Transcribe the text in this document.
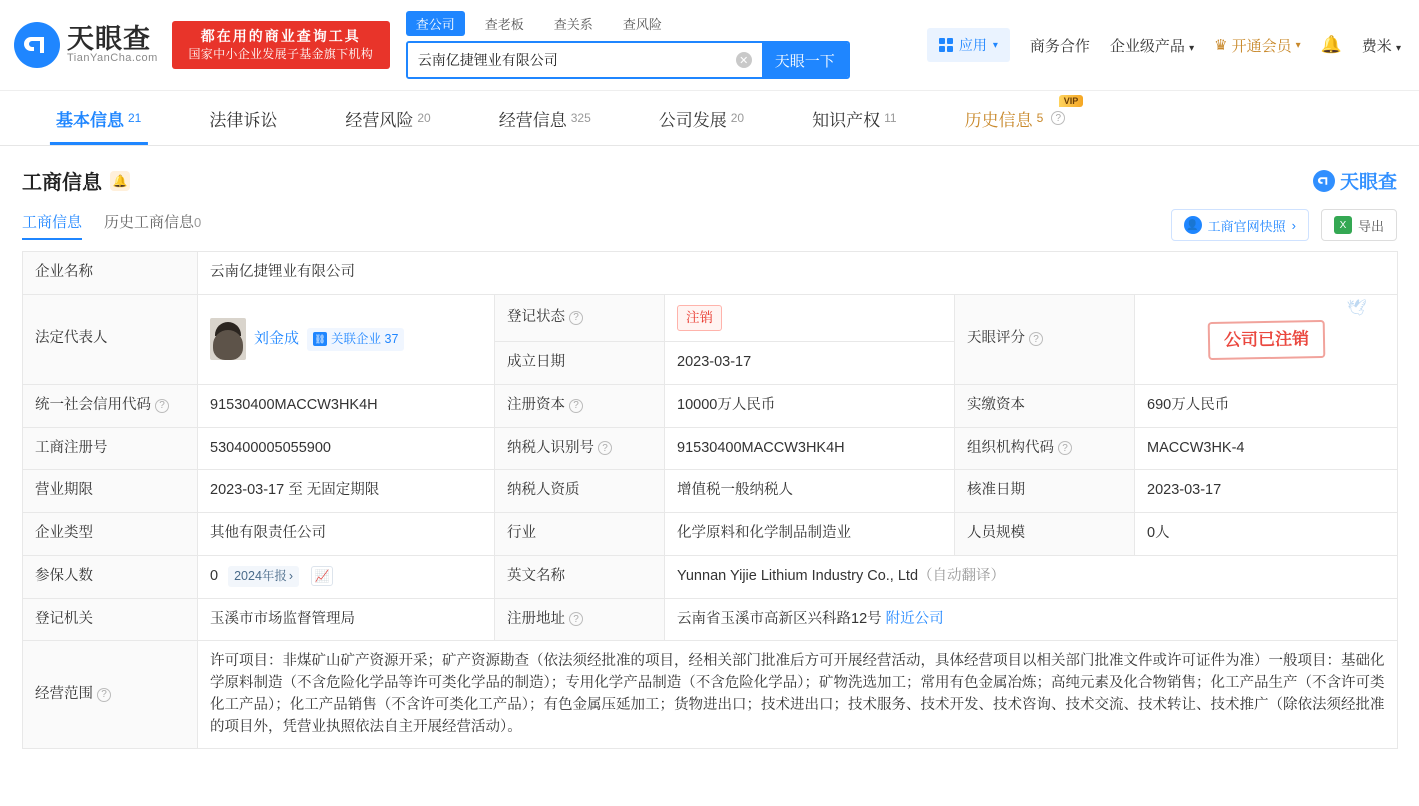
天眼查
TianYanCha.com
都在用的商业查询工具
国家中小企业发展子基金旗下机构
查公司	查老板	查关系	查风险
云南亿捷锂业有限公司
✕	天眼一下
应用 ▾ 商务合作 企业级产品 ▾ ♛ 开通会员 ▾ 🔔 费米 ▾
基本信息 21	法律诉讼	经营风险 20	经营信息 325	公司发展 20	知识产权 11
VIP
历史信息 5	?
工商信息 🔔	天眼查
工商信息 历史工商信息0	👤 工商官网快照 ›	X 导出
企业名称	云南亿捷锂业有限公司				
法定代表人	刘金成 ⛓ 关联企业 37	登记状态 ?	注销	天眼评分 ?	🕊
公司已注销

		成立日期	2023-03-17		

统一社会信用代码 ?	91530400MACCW3HK4H	注册资本 ?	10000万人民币	实缴资本	690万人民币
工商注册号	530400005055900	纳税人识别号 ?	91530400MACCW3HK4H	组织机构代码 ?	MACCW3HK-4
营业期限	2023-03-17 至 无固定期限	纳税人资质	增值税一般纳税人	核准日期	2023-03-17
企业类型	其他有限责任公司	行业	化学原料和化学制品制造业	人员规模	0人
参保人数	0 2024年报 › 📈	英文名称	Yunnan Yijie Lithium Industry Co., Ltd（自动翻译）		
登记机关	玉溪市市场监督管理局	注册地址 ?	云南省玉溪市高新区兴科路12号 附近公司		

经营范围 ?	许可项目：非煤矿山矿产资源开采；矿产资源勘查（依法须经批准的项目，经相关部门批准后方可开展经营活动，具体经营项目以相关部门批准文件或许可证件为准）一般项目：基础化学原料制造（不含危险化学品等许可类化学品的制造）；专用化学产品制造（不含危险化学品）；矿物洗选加工；常用有色金属冶炼；高纯元素及化合物销售；化工产品生产（不含许可类化工产品）；化工产品销售（不含许可类化工产品）；有色金属压延加工；货物进出口；技术进出口；技术服务、技术开发、技术咨询、技术交流、技术转让、技术推广（除依法须经批准的项目外，凭营业执照依法自主开展经营活动）。				
